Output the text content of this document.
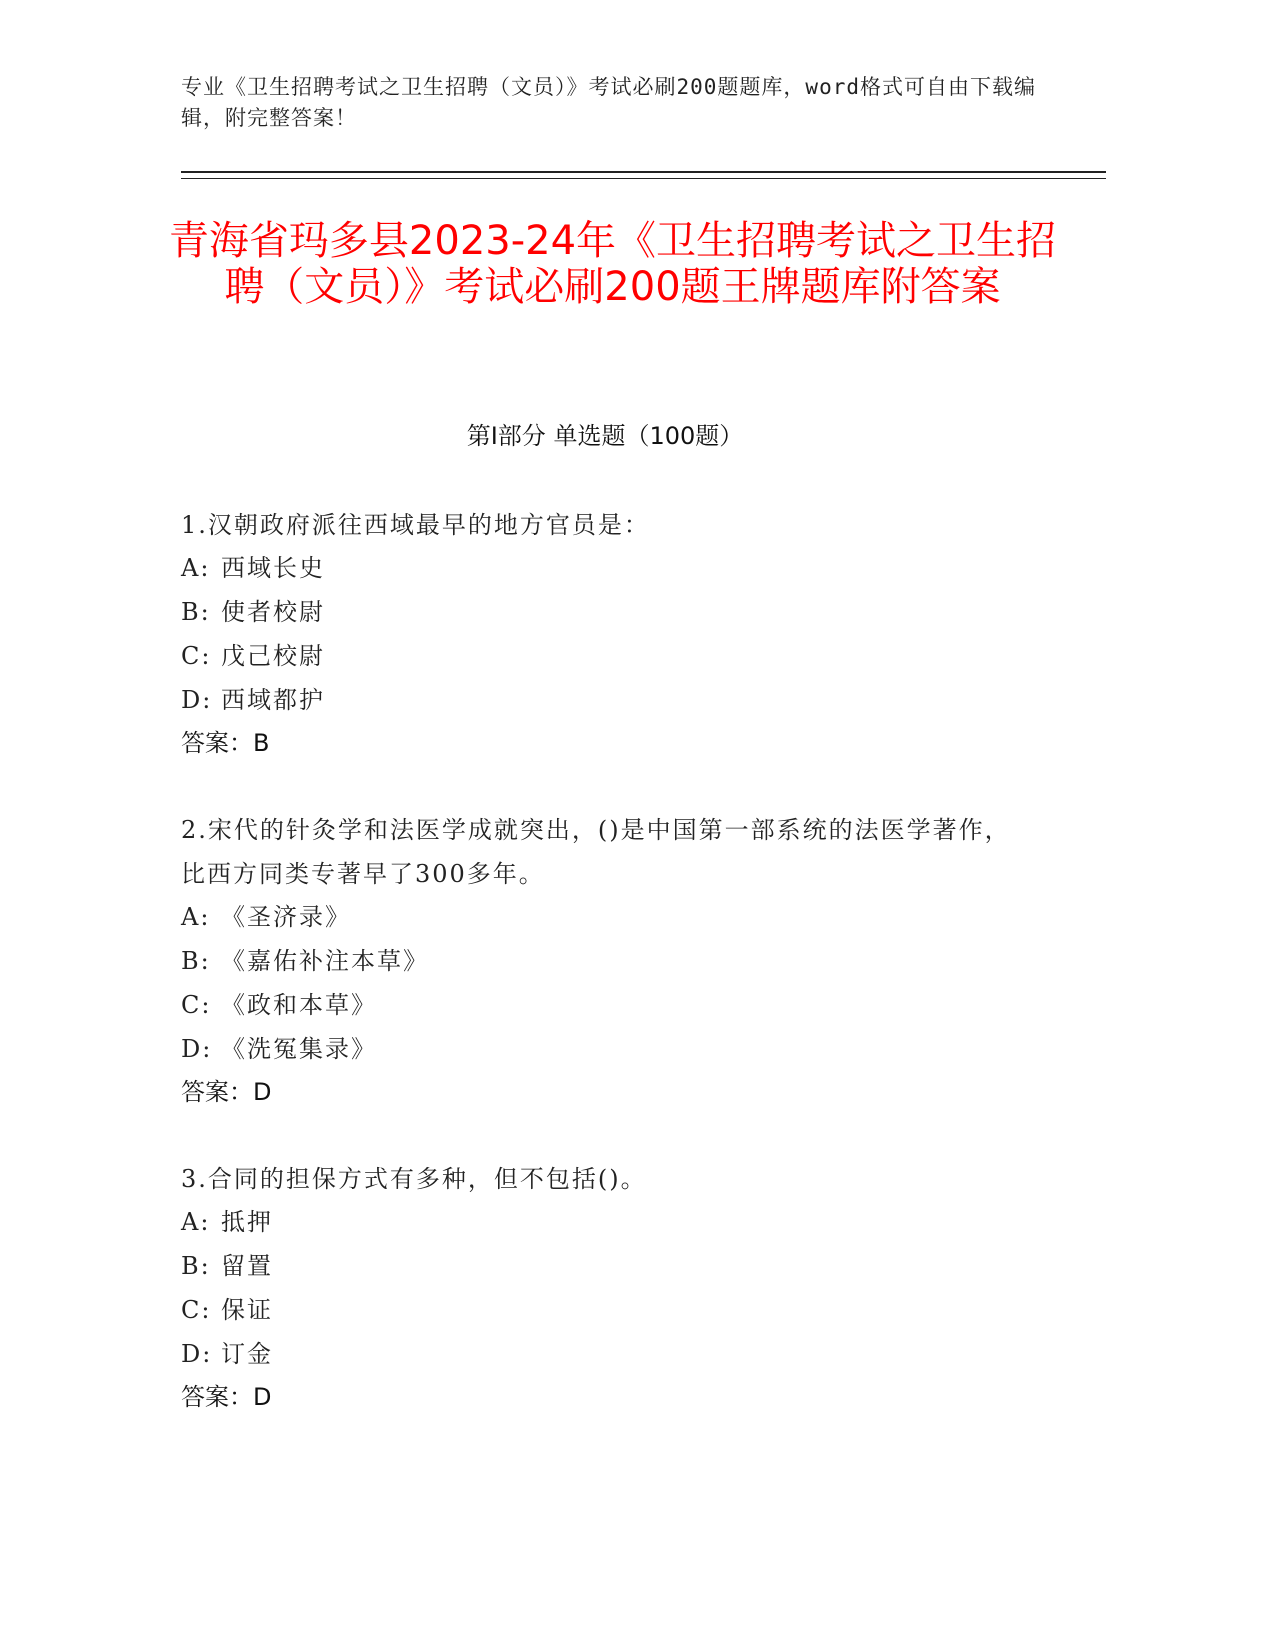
专业《卫生招聘考试之卫生招聘（文员）》考试必刷200题题库，word格式可自由下载编辑，附完整答案！
青海省玛多县2023-24年《卫生招聘考试之卫生招聘（文员）》考试必刷200题王牌题库附答案
第Ⅰ部分 单选题（100题）
1.汉朝政府派往西域最早的地方官员是：
A: 西域长史
B: 使者校尉
C: 戊己校尉
D: 西域都护
答案：B
2.宋代的针灸学和法医学成就突出，()是中国第一部系统的法医学著作，比西方同类专著早了300多年。
A: 《圣济录》
B: 《嘉佑补注本草》
C: 《政和本草》
D: 《洗冤集录》
答案：D
3.合同的担保方式有多种，但不包括()。
A: 抵押
B: 留置
C: 保证
D: 订金
答案：D
